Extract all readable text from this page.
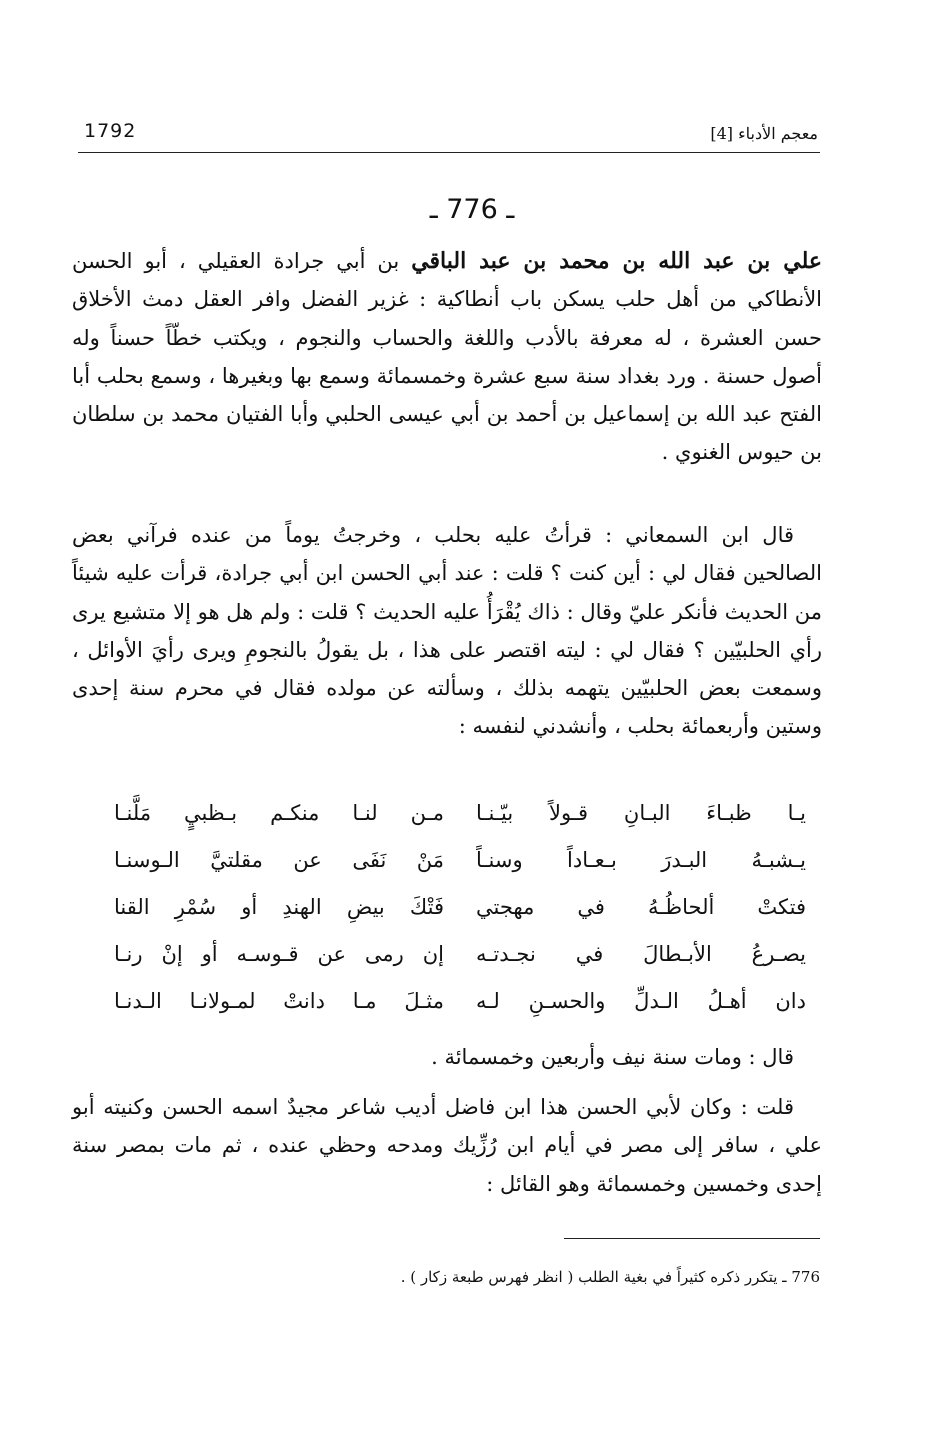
1792	معجم الأدباء [4]
ـ 776 ـ

علي بن عبد الله بن محمد بن عبد الباقي بن أبي جرادة العقيلي ، أبو الحسن الأنطاكي من أهل حلب يسكن باب أنطاكية : غزير الفضل وافر العقل دمث الأخلاق حسن العشرة ، له معرفة بالأدب واللغة والحساب والنجوم ، ويكتب خطّاً حسناً وله أصول حسنة . ورد بغداد سنة سبع عشرة وخمسمائة وسمع بها وبغيرها ، وسمع بحلب أبا الفتح عبد الله بن إسماعيل بن أحمد بن أبي عيسى الحلبي وأبا الفتيان محمد بن سلطان بن حيوس الغنوي .

قال ابن السمعاني : قرأتُ عليه بحلب ، وخرجتُ يوماً من عنده فرآني بعض الصالحين فقال لي : أين كنت ؟ قلت : عند أبي الحسن ابن أبي جرادة، قرأت عليه شيئاً من الحديث فأنكر عليّ وقال : ذاك يُقْرَأُ عليه الحديث ؟ قلت : ولم هل هو إلا متشيع يرى رأي الحلبيّين ؟ فقال لي : ليته اقتصر على هذا ، بل يقولُ بالنجومِ ويرى رأيَ الأوائل ، وسمعت بعض الحلبيّين يتهمه بذلك ، وسألته عن مولده فقال في محرم سنة إحدى وستين وأربعمائة بحلب ، وأنشدني لنفسه :

يـا ظبـاءَ البـانِ قـولاً بيّـنـا
مـن لنـا منكـم بـظبيٍ مَلَّنـا
يـشبـهُ البـدرَ بـعـاداً وسنـاً
مَنْ نَفَى عن مقلتيَّ الـوسنـا
فتكتْ ألحاظُـهُ في مهجتي
فَتْكَ بيضِ الهندِ أو سُمْرِ القنا
يصـرعُ الأبـطالَ في نجـدتـه
إن رمى عن قـوسـه أو إنْ رنـا
دان أهـلُ الـدلِّ والحسـنِ لـه
مثـلَ مـا دانتْ لمـولانـا الـدنـا

قال : ومات سنة نيف وأربعين وخمسمائة .

قلت : وكان لأبي الحسن هذا ابن فاضل أديب شاعر مجيدٌ اسمه الحسن وكنيته أبو علي ، سافر إلى مصر في أيام ابن رُزِّيك ومدحه وحظي عنده ، ثم مات بمصر سنة إحدى وخمسين وخمسمائة وهو القائل :

776 ـ يتكرر ذكره كثيراً في بغية الطلب ( انظر فهرس طبعة زكار ) .
